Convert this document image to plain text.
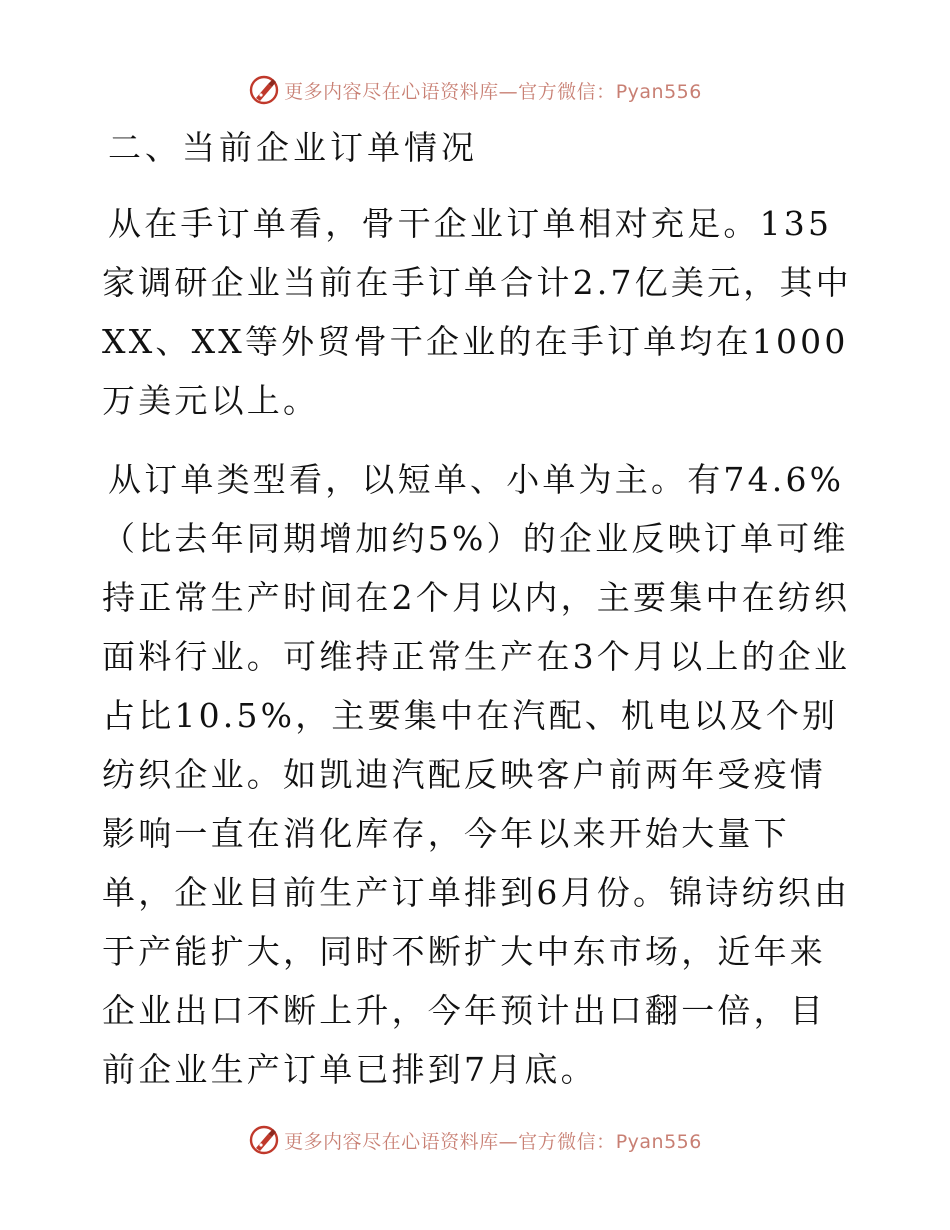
更多内容尽在心语资料库—官方微信：Pyan556
二、当前企业订单情况

从在手订单看，骨干企业订单相对充足。135家调研企业当前在手订单合计2.7亿美元，其中XX、XX等外贸骨干企业的在手订单均在1000万美元以上。

从订单类型看，以短单、小单为主。有74.6%（比去年同期增加约5%）的企业反映订单可维持正常生产时间在2个月以内，主要集中在纺织面料行业。可维持正常生产在3个月以上的企业占比10.5%，主要集中在汽配、机电以及个别纺织企业。如凯迪汽配反映客户前两年受疫情影响一直在消化库存，今年以来开始大量下单，企业目前生产订单排到6月份。锦诗纺织由于产能扩大，同时不断扩大中东市场，近年来企业出口不断上升，今年预计出口翻一倍，目前企业生产订单已排到7月底。

更多内容尽在心语资料库—官方微信：Pyan556
